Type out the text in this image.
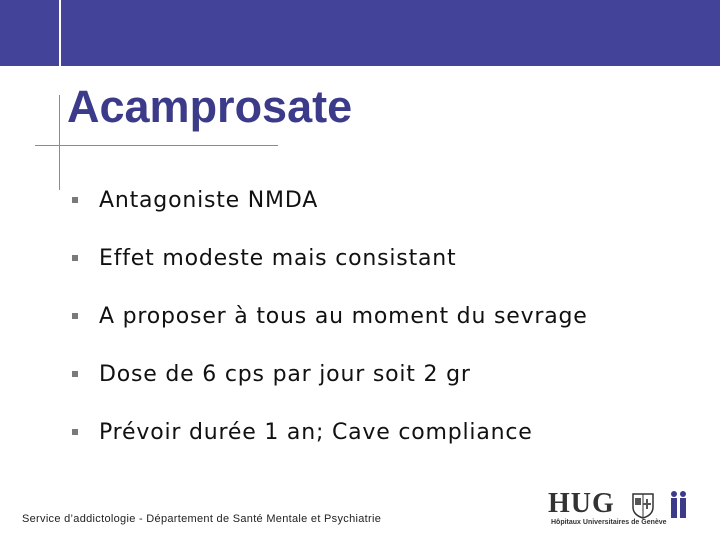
Acamprosate
Antagoniste NMDA
Effet modeste mais consistant
A proposer à tous au moment du sevrage
Dose de 6 cps par jour soit 2 gr
Prévoir durée 1 an; Cave compliance
Service d’addictologie - Département de Santé Mentale et Psychiatrie	HUG
Hôpitaux Universitaires de Genève
